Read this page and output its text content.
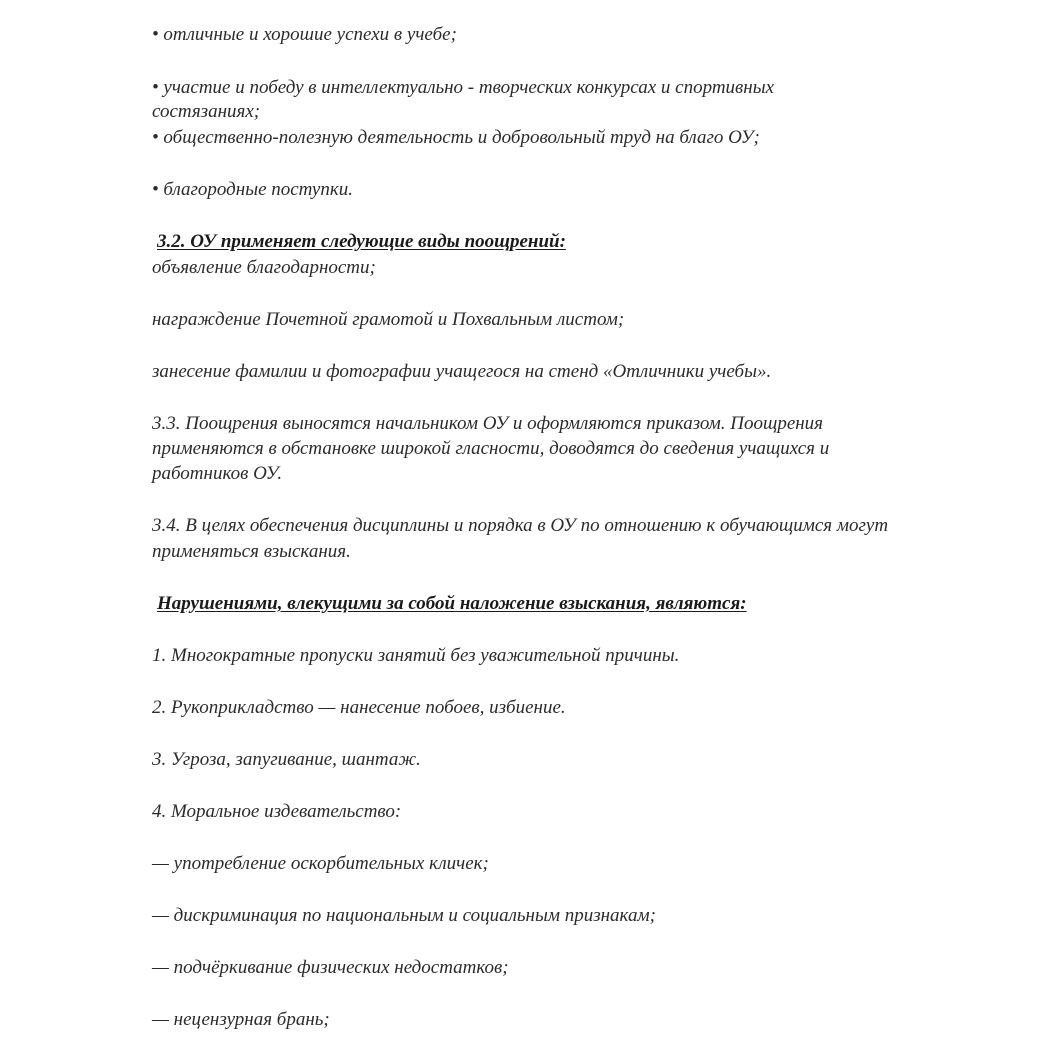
• отличные и хорошие успехи в учебе;
• участие и победу в интеллектуально - творческих конкурсах и спортивных
состязаниях;
• общественно-полезную деятельность и добровольный труд на благо ОУ;
• благородные поступки.
3.2. ОУ применяет следующие виды поощрений:
объявление благодарности;
награждение Почетной грамотой и Похвальным листом;
занесение фамилии и фотографии учащегося на стенд «Отличники учебы».
3.3. Поощрения выносятся начальником ОУ и оформляются приказом. Поощрения
применяются в обстановке широкой гласности, доводятся до сведения учащихся и
работников ОУ.
3.4. В целях обеспечения дисциплины и порядка в ОУ по отношению к обучающимся могут
применяться взыскания.
Нарушениями, влекущими за собой наложение взыскания, являются:
1. Многократные пропуски занятий без уважительной причины.
2. Рукоприкладство — нанесение побоев, избиение.
3. Угроза, запугивание, шантаж.
4. Моральное издевательство:
— употребление оскорбительных кличек;
— дискриминация по национальным и социальным признакам;
— подчёркивание физических недостатков;
— нецензурная брань;
